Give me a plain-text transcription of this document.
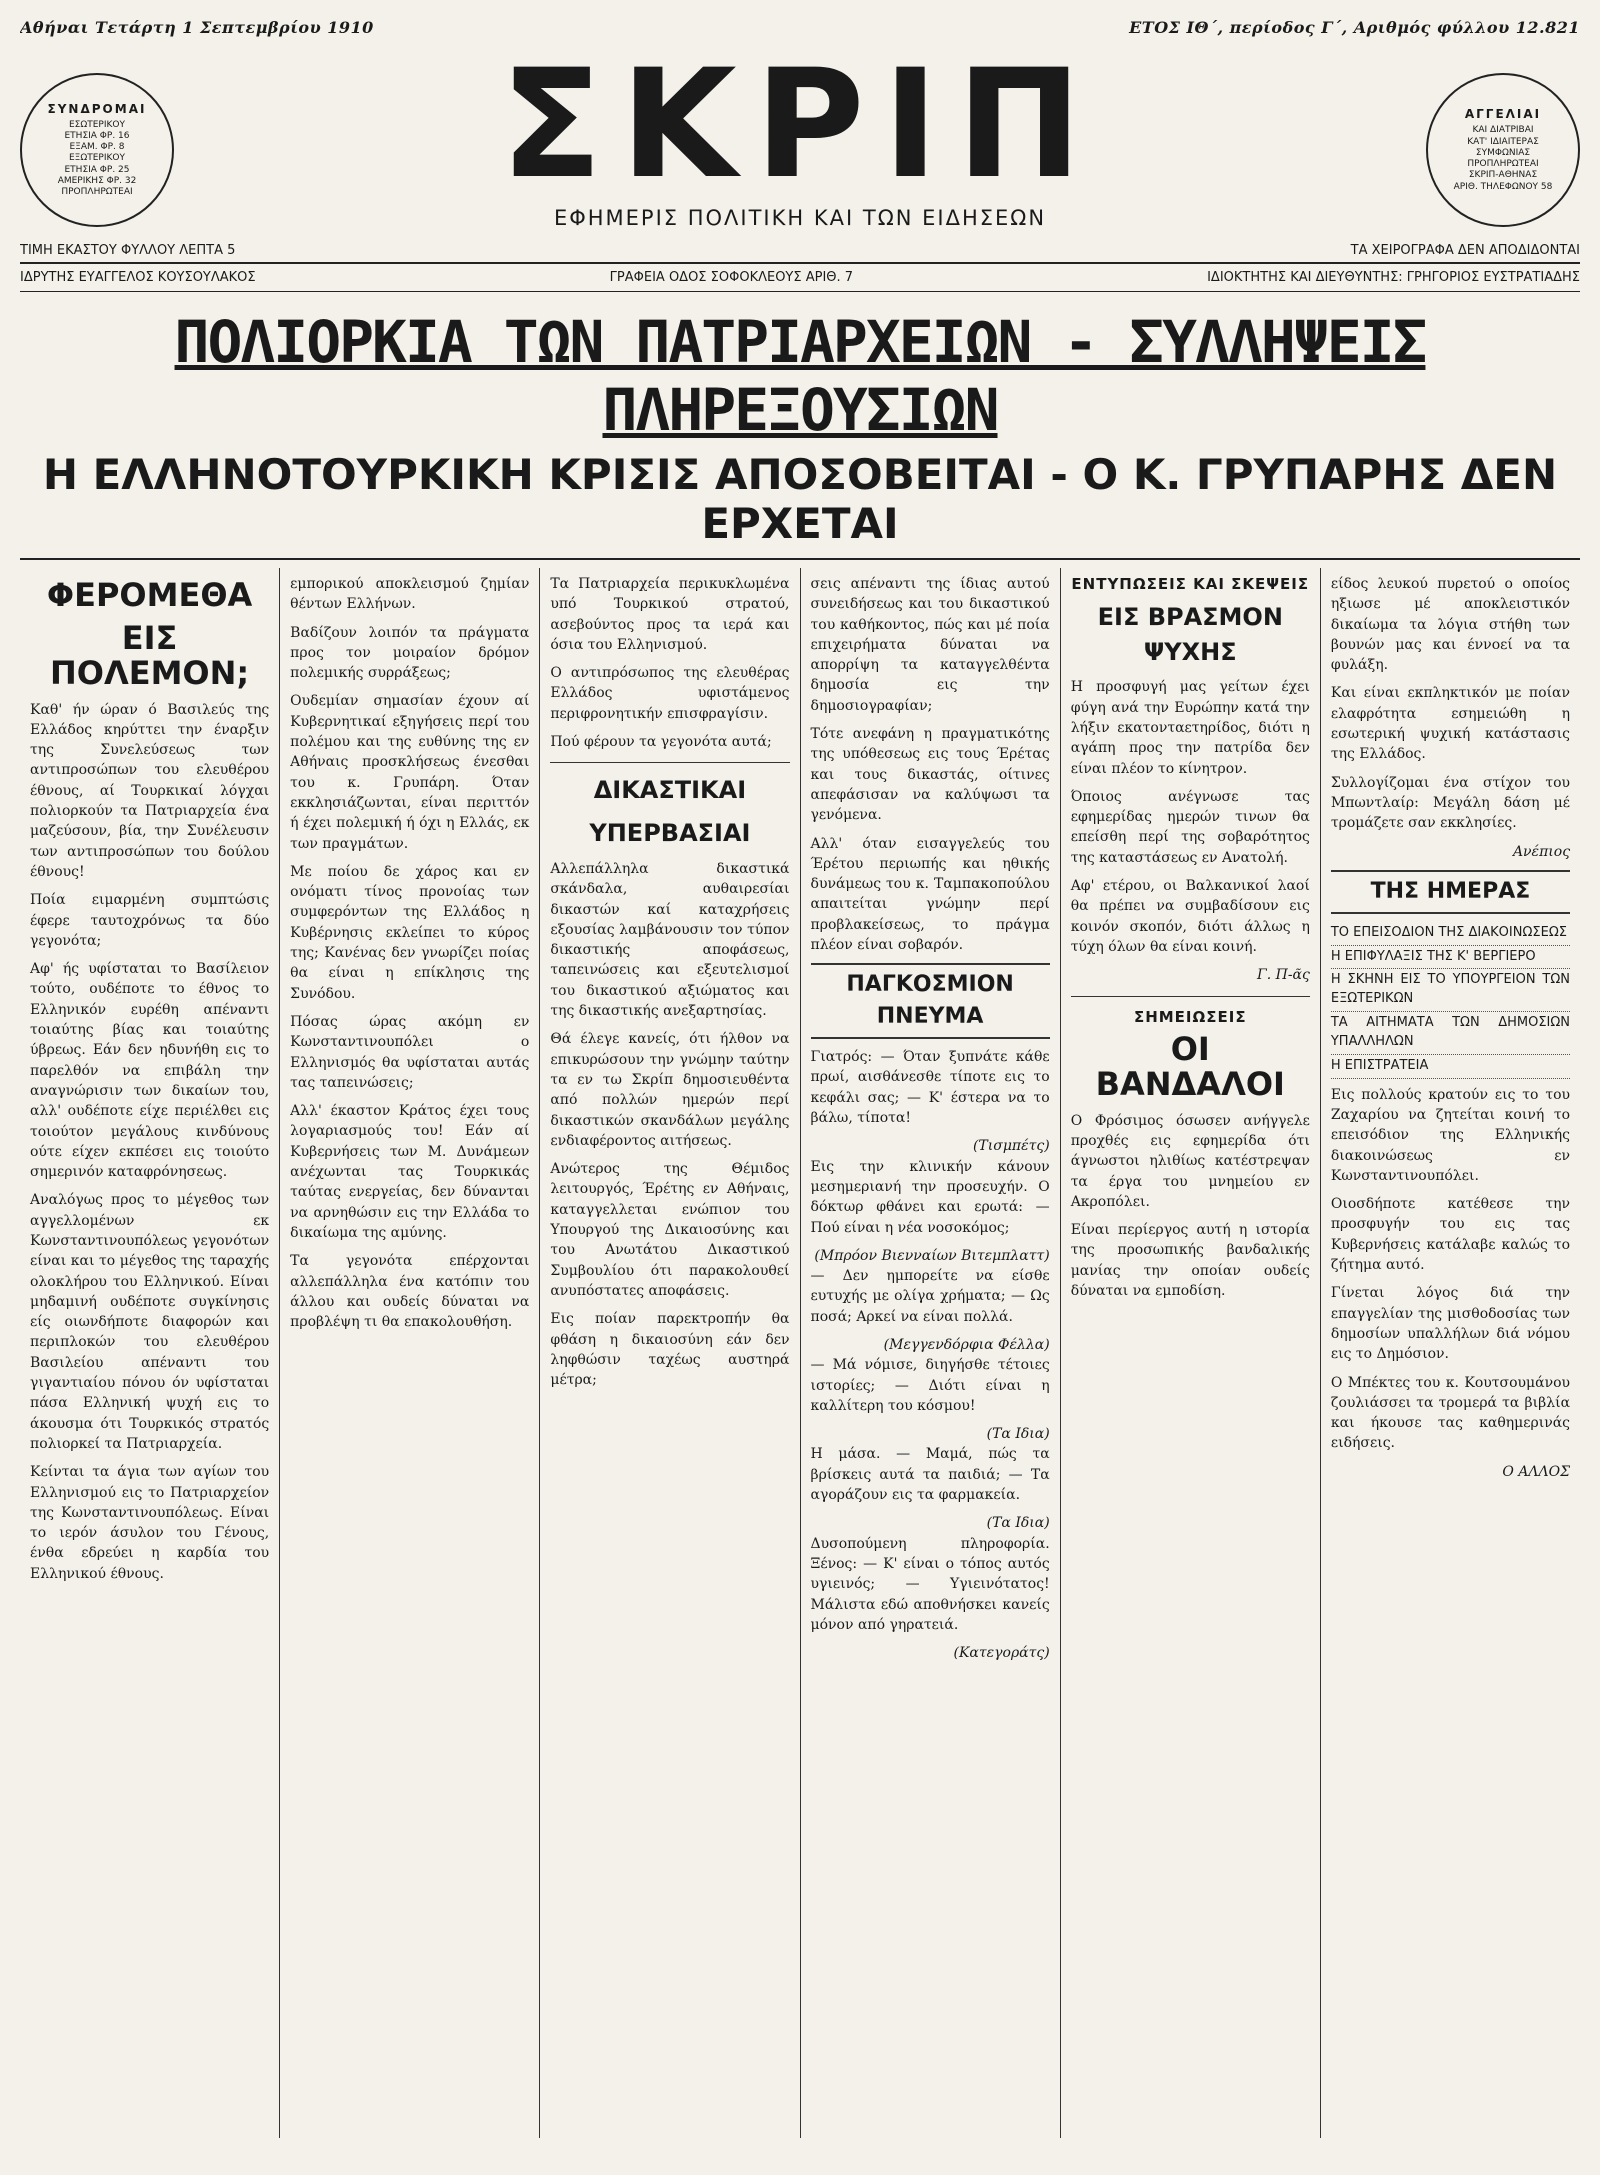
Αθήναι Τετάρτη 1 Σεπτεμβρίου 1910	ΕΤΟΣ ΙΘ΄, περίοδος Γ΄, Αριθμός φύλλου 12.821
ΣΥΝΔΡΟΜΑΙ
ΕΣΩΤΕΡΙΚΟΥ
ΕΤΗΣΙΑ ΦΡ. 16
ΕΞΑΜ. ΦΡ. 8
ΕΞΩΤΕΡΙΚΟΥ
ΕΤΗΣΙΑ ΦΡ. 25
ΑΜΕΡΙΚΗΣ ΦΡ. 32
ΠΡΟΠΛΗΡΩΤΕΑΙ	ΣΚΡΙΠ
ΕΦΗΜΕΡΙΣ ΠΟΛΙΤΙΚΗ ΚΑΙ ΤΩΝ ΕΙΔΗΣΕΩΝ
ΑΓΓΕΛΙΑΙ
ΚΑΙ ΔΙΑΤΡΙΒΑΙ
ΚΑΤ' ΙΔΙΑΙΤΕΡΑΣ
ΣΥΜΦΩΝΙΑΣ
ΠΡΟΠΛΗΡΩΤΕΑΙ
ΣΚΡΙΠ-ΑΘΗΝΑΣ
ΑΡΙΘ. ΤΗΛΕΦΩΝΟΥ 58
ΤΙΜΗ ΕΚΑΣΤΟΥ ΦΥΛΛΟΥ ΛΕΠΤΑ 5	ΤΑ ΧΕΙΡΟΓΡΑΦΑ ΔΕΝ ΑΠΟΔΙΔΟΝΤΑΙ
ΙΔΡΥΤΗΣ ΕΥΑΓΓΕΛΟΣ ΚΟΥΣΟΥΛΑΚΟΣ	ΓΡΑΦΕΙΑ ΟΔΟΣ ΣΟΦΟΚΛΕΟΥΣ ΑΡΙΘ. 7	ΙΔΙΟΚΤΗΤΗΣ ΚΑΙ ΔΙΕΥΘΥΝΤΗΣ: ΓΡΗΓΟΡΙΟΣ ΕΥΣΤΡΑΤΙΑΔΗΣ
ΠΟΛΙΟΡΚΙΑ ΤΩΝ ΠΑΤΡΙΑΡΧΕΙΩΝ - ΣΥΛΛΗΨΕΙΣ ΠΛΗΡΕΞΟΥΣΙΩΝ
Η ΕΛΛΗΝΟΤΟΥΡΚΙΚΗ ΚΡΙΣΙΣ ΑΠΟΣΟΒΕΙΤΑΙ - Ο Κ. ΓΡΥΠΑΡΗΣ ΔΕΝ ΕΡΧΕΤΑΙ
ΦΕΡΟΜΕΘΑ
ΕΙΣ ΠΟΛΕΜΟΝ;

Καθ' ήν ώραν ό Βασιλεύς της Ελλάδος κηρύττει την έναρξιν της Συνελεύσεως των αντιπροσώπων του ελευθέρου έθνους, αί Τουρκικαί λόγχαι πολιορκούν τα Πατριαρχεία ένα μαζεύσουν, βία, την Συνέλευσιν των αντιπροσώπων του δούλου έθνους!

Ποία ειμαρμένη συμπτώσις έφερε ταυτοχρόνως τα δύο γεγονότα;

Αφ' ής υφίσταται το Βασίλειον τούτο, ουδέποτε το έθνος το Ελληνικόν ευρέθη απέναντι τοιαύτης βίας και τοιαύτης ύβρεως. Εάν δεν ηδυνήθη εις το παρελθόν να επιβάλη την αναγνώρισιν των δικαίων του, αλλ' ουδέποτε είχε περιέλθει εις τοιούτον μεγάλους κινδύνους ούτε είχεν εκπέσει εις τοιούτο σημερινόν καταφρόνησεως.

Αναλόγως προς το μέγεθος των αγγελλομένων εκ Κωνσταντινουπόλεως γεγονότων είναι και το μέγεθος της ταραχής ολοκλήρου του Ελληνικού. Είναι μηδαμινή ουδέποτε συγκίνησις είς οιωνδήποτε διαφορών και περιπλοκών του ελευθέρου Βασιλείου απέναντι του γιγαντιαίου πόνου όν υφίσταται πάσα Ελληνική ψυχή εις το άκουσμα ότι Τουρκικός στρατός πολιορκεί τα Πατριαρχεία.

Κείνται τα άγια των αγίων του Ελληνισμού εις το Πατριαρχείον της Κωνσταντινουπόλεως. Είναι το ιερόν άσυλον του Γένους, ένθα εδρεύει η καρδία του Ελληνικού έθνους.

εμπορικού αποκλεισμού ζημίαν θέντων Ελλήνων.

Βαδίζουν λοιπόν τα πράγματα προς τον μοιραίον δρόμον πολεμικής συρράξεως;

Ουδεμίαν σημασίαν έχουν αί Κυβερνητικαί εξηγήσεις περί του πολέμου και της ευθύνης της εν Αθήναις προσκλήσεως ένεσθαι του κ. Γρυπάρη. Όταν εκκλησιάζωνται, είναι περιττόν ή έχει πολεμική ή όχι η Ελλάς, εκ των πραγμάτων.

Με ποίου δε χάρος και εν ονόματι τίνος προνοίας των συμφερόντων της Ελλάδος η Κυβέρνησις εκλείπει το κύρος της; Κανένας δεν γνωρίζει ποίας θα είναι η επίκλησις της Συνόδου.

Πόσας ώρας ακόμη εν Κωνσταντινουπόλει ο Ελληνισμός θα υφίσταται αυτάς τας ταπεινώσεις;

Αλλ' έκαστον Κράτος έχει τους λογαριασμούς του! Εάν αί Κυβερνήσεις των Μ. Δυνάμεων ανέχωνται τας Τουρκικάς ταύτας ενεργείας, δεν δύνανται να αρνηθώσιν εις την Ελλάδα το δικαίωμα της αμύνης.

Τα γεγονότα επέρχονται αλλεπάλληλα ένα κατόπιν του άλλου και ουδείς δύναται να προβλέψη τι θα επακολουθήση.

Τα Πατριαρχεία περικυκλωμένα υπό Τουρκικού στρατού, ασεβούντος προς τα ιερά και όσια του Ελληνισμού.

Ο αντιπρόσωπος της ελευθέρας Ελλάδος υφιστάμενος περιφρονητικήν επισφραγίσιν.

Πού φέρουν τα γεγονότα αυτά;

ΔΙΚΑΣΤΙΚΑΙ
ΥΠΕΡΒΑΣΙΑΙ

Αλλεπάλληλα δικαστικά σκάνδαλα, αυθαιρεσίαι δικαστών καί καταχρήσεις εξουσίας λαμβάνουσιν τον τύπον δικαστικής αποφάσεως, ταπεινώσεις και εξευτελισμοί του δικαστικού αξιώματος και της δικαστικής ανεξαρτησίας.

Θά έλεγε κανείς, ότι ήλθον να επικυρώσουν την γνώμην ταύτην τα εν τω Σκρίπ δημοσιευθέντα από πολλών ημερών περί δικαστικών σκανδάλων μεγάλης ενδιαφέροντος αιτήσεως.

Ανώτερος της Θέμιδος λειτουργός, Έρέτης εν Αθήναις, καταγγελλεται ενώπιον του Υπουργού της Δικαιοσύνης και του Ανωτάτου Δικαστικού Συμβουλίου ότι παρακολουθεί ανυπόστατες αποφάσεις.

Εις ποίαν παρεκτροπήν θα φθάση η δικαιοσύνη εάν δεν ληφθώσιν ταχέως αυστηρά μέτρα;

σεις απέναντι της ίδιας αυτού συνειδήσεως και του δικαστικού του καθήκοντος, πώς και μέ ποία επιχειρήματα δύναται να απορρίψη τα καταγγελθέντα δημοσία εις την δημοσιογραφίαν;

Τότε ανεφάνη η πραγματικότης της υπόθεσεως εις τους Έρέτας και τους δικαστάς, οίτινες απεφάσισαν να καλύψωσι τα γενόμενα.

Αλλ' όταν εισαγγελεύς του Έρέτου περιωπής και ηθικής δυνάμεως του κ. Ταμπακοπούλου απαιτείται γνώμην περί προβλακείσεως, το πράγμα πλέον είναι σοβαρόν.

ΠΑΓΚΟΣΜΙΟΝ ΠΝΕΥΜΑ

Γιατρός: — Όταν ξυπνάτε κάθε πρωί, αισθάνεσθε τίποτε εις το κεφάλι σας; — Κ' έστερα να το βάλω, τίποτα!

(Τισμπέτς)

Εις την κλινικήν κάνουν μεσημεριανή την προσευχήν. Ο δόκτωρ φθάνει και ερωτά: — Πού είναι η νέα νοσοκόμος;

(Μπρόον Βιενναίων Βιτεμπλαττ)

— Δεν ημπορείτε να είσθε ευτυχής με ολίγα χρήματα; — Ως ποσά; Αρκεί να είναι πολλά.

(Μεγγενδόρφια Φέλλα)

— Μά νόμισε, διηγήσθε τέτοιες ιστορίες; — Διότι είναι η καλλίτερη του κόσμου!

(Τα Ιδια)

Η μάσα. — Μαμά, πώς τα βρίσκεις αυτά τα παιδιά; — Τα αγοράζουν εις τα φαρμακεία.

(Τα Ιδια)

Δυσοπούμενη πληροφορία. Ξένος: — Κ' είναι ο τόπος αυτός υγιεινός; — Υγιεινότατος! Μάλιστα εδώ αποθνήσκει κανείς μόνον από γηρατειά.

(Κατεγοράτς)
ΕΝΤΥΠΩΣΕΙΣ ΚΑΙ ΣΚΕΨΕΙΣ
ΕΙΣ ΒΡΑΣΜΟΝ ΨΥΧΗΣ

Η προσφυγή μας γείτων έχει φύγη ανά την Ευρώπην κατά την λήξιν εκατονταετηρίδος, διότι η αγάπη προς την πατρίδα δεν είναι πλέον το κίνητρον.

Όποιος ανέγνωσε τας εφημερίδας ημερών τινων θα επείσθη περί της σοβαρότητος της καταστάσεως εν Ανατολή.

Αφ' ετέρου, οι Βαλκανικοί λαοί θα πρέπει να συμβαδίσουν εις κοινόν σκοπόν, διότι άλλως η τύχη όλων θα είναι κοινή.

Γ. Π-ᾶς
ΣΗΜΕΙΩΣΕΙΣ
ΟΙ ΒΑΝΔΑΛΟΙ

Ο Φρόσιμος όσωσεν ανήγγελε προχθές εις εφημερίδα ότι άγνωστοι ηλιθίως κατέστρεψαν τα έργα του μνημείου εν Ακροπόλει.

Είναι περίεργος αυτή η ιστορία της προσωπικής βανδαλικής μανίας την οποίαν ουδείς δύναται να εμποδίση.

είδος λευκού πυρετού ο οποίος ηξιωσε μέ αποκλειστικόν δικαίωμα τα λόγια στήθη των βουνών μας και έννοεί να τα φυλάξη.

Και είναι εκπληκτικόν με ποίαν ελαφρότητα εσημειώθη η εσωτερική ψυχική κατάστασις της Ελλάδος.

Συλλογίζομαι ένα στίχον του Μπωντλαίρ: Μεγάλη δάση μέ τρομάζετε σαν εκκλησίες.

Ανέπιος
ΤΗΣ ΗΜΕΡΑΣ
ΤΟ ΕΠΕΙΣΟΔΙΟΝ ΤΗΣ ΔΙΑΚΟΙΝΩΣΕΩΣ
Η ΕΠΙΦΥΛΑΞΙΣ ΤΗΣ Κ' ΒΕΡΓΙΕΡΟ
Η ΣΚΗΝΗ ΕΙΣ ΤΟ ΥΠΟΥΡΓΕΙΟΝ ΤΩΝ ΕΞΩΤΕΡΙΚΩΝ
ΤΑ ΑΙΤΗΜΑΤΑ ΤΩΝ ΔΗΜΟΣΙΩΝ ΥΠΑΛΛΗΛΩΝ
Η ΕΠΙΣΤΡΑΤΕΙΑ

Εις πολλούς κρατούν εις το του Ζαχαρίου να ζητείται κοινή το επεισόδιον της Ελληνικής διακοινώσεως εν Κωνσταντινουπόλει.

Οιοσδήποτε κατέθεσε την προσφυγήν του εις τας Κυβερνήσεις κατάλαβε καλώς το ζήτημα αυτό.

Γίνεται λόγος διά την επαγγελίαν της μισθοδοσίας των δημοσίων υπαλλήλων διά νόμου εις το Δημόσιον.

Ο Μπέκτες του κ. Κουτσουμάνου ζουλιάσσει τα τρομερά τα βιβλία και ήκουσε τας καθημερινάς ειδήσεις.

Ο ΑΛΛΟΣ
